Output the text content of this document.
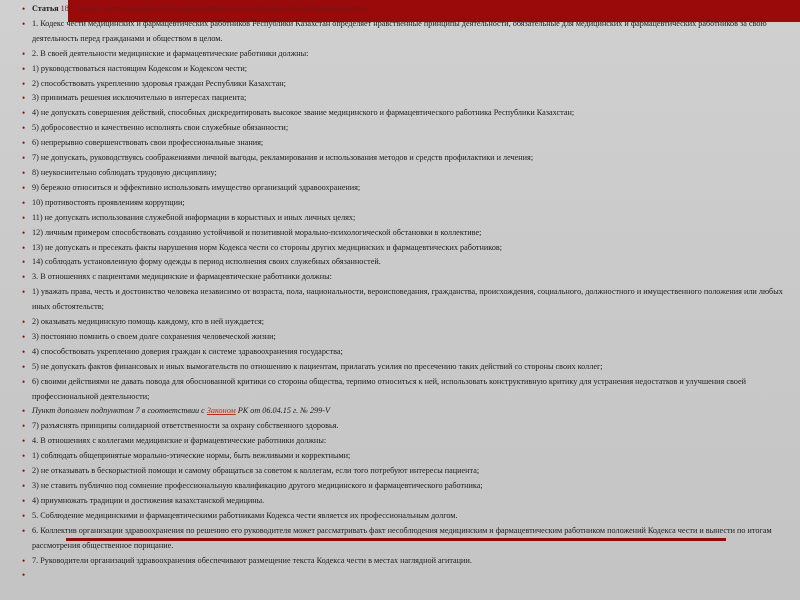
• Статья 182. Кодекс чести медицинских и фармацевтических работников Республики Казахстан
• 1. Кодекс чести медицинских и фармацевтических работников Республики Казахстан определяет нравственные принципы деятельности, обязательные для медицинских и фармацевтических работников за свою деятельность перед гражданами и обществом в целом.
• 2. В своей деятельности медицинские и фармацевтические работники должны:
• 1) руководствоваться настоящим Кодексом и Кодексом чести;
• 2) способствовать укреплению здоровья граждан Республики Казахстан;
• 3) принимать решения исключительно в интересах пациента;
• 4) не допускать совершения действий, способных дискредитировать высокое звание медицинского и фармацевтического работника Республики Казахстан;
• 5) добросовестно и качественно исполнять свои служебные обязанности;
• 6) непрерывно совершенствовать свои профессиональные знания;
• 7) не допускать, руководствуясь соображениями личной выгоды, рекламирования и использования методов и средств профилактики и лечения;
• 8) неукоснительно соблюдать трудовую дисциплину;
• 9) бережно относиться и эффективно использовать имущество организаций здравоохранения;
• 10) противостоять проявлениям коррупции;
• 11) не допускать использования служебной информации в корыстных и иных личных целях;
• 12) личным примером способствовать созданию устойчивой и позитивной морально-психологической обстановки в коллективе;
• 13) не допускать и пресекать факты нарушения норм Кодекса чести со стороны других медицинских и фармацевтических работников;
• 14) соблюдать установленную форму одежды в период исполнения своих служебных обязанностей.
• 3. В отношениях с пациентами медицинские и фармацевтические работники должны:
• 1) уважать права, честь и достоинство человека независимо от возраста, пола, национальности, вероисповедания, гражданства, происхождения, социального, должностного и имущественного положения или любых иных обстоятельств;
• 2) оказывать медицинскую помощь каждому, кто в ней нуждается;
• 3) постоянно помнить о своем долге сохранения человеческой жизни;
• 4) способствовать укреплению доверия граждан к системе здравоохранения государства;
• 5) не допускать фактов финансовых и иных вымогательств по отношению к пациентам, прилагать усилия по пресечению таких действий со стороны своих коллег;
• 6) своими действиями не давать повода для обоснованной критики со стороны общества, терпимо относиться к ней, использовать конструктивную критику для устранения недостатков и улучшения своей профессиональной деятельности;
• Пункт дополнен подпунктом 7 в соответствии с Законом РК от 06.04.15 г. № 299-V
• 7) разъяснять принципы солидарной ответственности за охрану собственного здоровья.
• 4. В отношениях с коллегами медицинские и фармацевтические работники должны:
• 1) соблюдать общепринятые морально-этические нормы, быть вежливыми и корректными;
• 2) не отказывать в бескорыстной помощи и самому обращаться за советом к коллегам, если того потребуют интересы пациента;
• 3) не ставить публично под сомнение профессиональную квалификацию другого медицинского и фармацевтического работника;
• 4) приумножать традиции и достижения казахстанской медицины.
• 5. Соблюдение медицинскими и фармацевтическими работниками Кодекса чести является их профессиональным долгом.
• 6. Коллектив организации здравоохранения по решению его руководителя может рассматривать факт несоблюдения медицинским и фармацевтическим работником положений Кодекса чести и вынести по итогам рассмотрения общественное порицание.
• 7. Руководители организаций здравоохранения обеспечивают размещение текста Кодекса чести в местах наглядной агитации.
•
